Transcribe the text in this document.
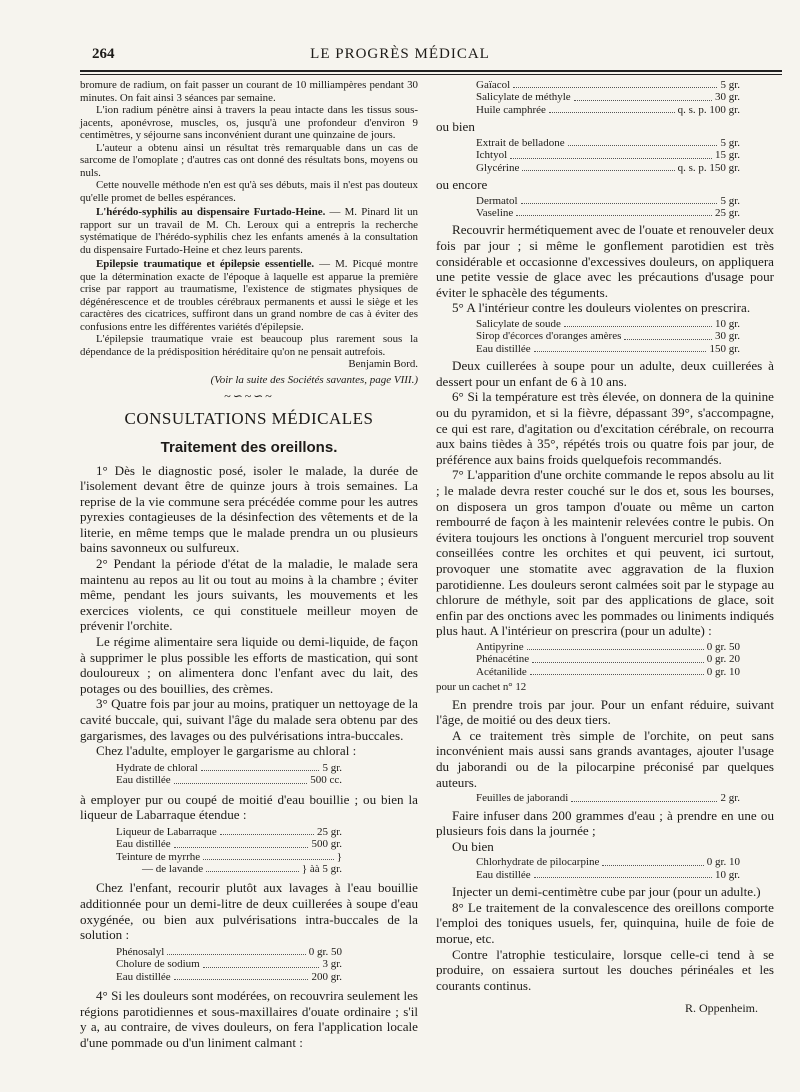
264	LE PROGRÈS MÉDICAL

bromure de radium, on fait passer un courant de 10 milliampères pendant 30 minutes. On fait ainsi 3 séances par semaine.

L'ion radium pénètre ainsi à travers la peau intacte dans les tissus sous-jacents, aponévrose, muscles, os, jusqu'à une profondeur d'environ 9 centimètres, y séjourne sans inconvénient durant une quinzaine de jours.

L'auteur a obtenu ainsi un résultat très remarquable dans un cas de sarcome de l'omoplate ; d'autres cas ont donné des résultats bons, moyens ou nuls.

Cette nouvelle méthode n'en est qu'à ses débuts, mais il n'est pas douteux qu'elle promet de belles espérances.

L'hérédo-syphilis au dispensaire Furtado-Heine. — M. Pinard lit un rapport sur un travail de M. Ch. Leroux qui a entrepris la recherche systématique de l'hérédo-syphilis chez les enfants amenés à la consultation du dispensaire Furtado-Heine et chez leurs parents.

Epilepsie traumatique et épilepsie essentielle. — M. Picqué montre que la détermination exacte de l'époque à laquelle est apparue la première crise par rapport au traumatisme, l'existence de stigmates physiques de dégénérescence et de troubles cérébraux permanents et aussi le siège et les caractères des cicatrices, suffiront dans un grand nombre de cas à éviter des confusions entre les différentes variétés d'épilepsie.

L'épilepsie traumatique vraie est beaucoup plus rarement sous la dépendance de la prédisposition héréditaire qu'on ne pensait autrefois.

Benjamin Bord.

(Voir la suite des Sociétés savantes, page VIII.)
~∽~∽~
CONSULTATIONS MÉDICALES
Traitement des oreillons.

1° Dès le diagnostic posé, isoler le malade, la durée de l'isolement devant être de quinze jours à trois semaines. La reprise de la vie commune sera précédée comme pour les autres pyrexies contagieuses de la désinfection des vêtements et de la literie, en même temps que le malade prendra un ou plusieurs bains savonneux ou sulfureux.

2° Pendant la période d'état de la maladie, le malade sera maintenu au repos au lit ou tout au moins à la chambre ; éviter même, pendant les jours suivants, les mouvements et les exercices violents, ce qui constituele meilleur moyen de prévenir l'orchite.

Le régime alimentaire sera liquide ou demi-liquide, de façon à supprimer le plus possible les efforts de mastication, qui sont douloureux ; on alimentera donc l'enfant avec du lait, des potages ou des bouillies, des crèmes.

3° Quatre fois par jour au moins, pratiquer un nettoyage de la cavité buccale, qui, suivant l'âge du malade sera obtenu par des gargarismes, des lavages ou des pulvérisations intra-buccales.

Chez l'adulte, employer le gargarisme au chloral :

Hydrate de chloral	5 gr.
Eau distillée	500 cc.

à employer pur ou coupé de moitié d'eau bouillie ; ou bien la liqueur de Labarraque étendue :

Liqueur de Labarraque	25 gr.
Eau distillée	500 gr.
Teinture de myrrhe	}
— de lavande	} àà 5 gr.

Chez l'enfant, recourir plutôt aux lavages à l'eau bouillie additionnée pour un demi-litre de deux cuillerées à soupe d'eau oxygénée, ou bien aux pulvérisations intra-buccales de la solution :

Phénosalyl	0 gr. 50
Cholure de sodium	3 gr.
Eau distillée	200 gr.

4° Si les douleurs sont modérées, on recouvrira seulement les régions parotidiennes et sous-maxillaires d'ouate ordinaire ; s'il y a, au contraire, de vives douleurs, on fera l'application locale d'une pommade ou d'un liniment calmant :

Gaïacol	5 gr.
Salicylate de méthyle	30 gr.
Huile camphrée	q. s. p. 100 gr.

ou bien

Extrait de belladone	5 gr.
Ichtyol	15 gr.
Glycérine	q. s. p. 150 gr.

ou encore

Dermatol	5 gr.
Vaseline	25 gr.

Recouvrir hermétiquement avec de l'ouate et renouveler deux fois par jour ; si même le gonflement parotidien est très considérable et occasionne d'excessives douleurs, on appliquera une petite vessie de glace avec les précautions d'usage pour éviter le sphacèle des téguments.

5° A l'intérieur contre les douleurs violentes on prescrira.

Salicylate de soude	10 gr.
Sirop d'écorces d'oranges amères	30 gr.
Eau distillée	150 gr.

Deux cuillerées à soupe pour un adulte, deux cuillerées à dessert pour un enfant de 6 à 10 ans.

6° Si la température est très élevée, on donnera de la quinine ou du pyramidon, et si la fièvre, dépassant 39°, s'accompagne, ce qui est rare, d'agitation ou d'excitation cérébrale, on recourra aux bains tièdes à 35°, répétés trois ou quatre fois par jour, de préférence aux bains froids quelquefois recommandés.

7° L'apparition d'une orchite commande le repos absolu au lit ; le malade devra rester couché sur le dos et, sous les bourses, on disposera un gros tampon d'ouate ou même un carton rembourré de façon à les maintenir relevées contre le pubis. On évitera toujours les onctions à l'onguent mercuriel trop souvent conseillées contre les orchites et qui peuvent, ici surtout, provoquer une stomatite avec aggravation de la fluxion parotidienne. Les douleurs seront calmées soit par le stypage au chlorure de méthyle, soit par des applications de glace, soit enfin par des onctions avec les pommades ou liniments indiqués plus haut. A l'intérieur on prescrira (pour un adulte) :

Antipyrine	0 gr. 50
Phénacétine	0 gr. 20
Acétanilide	0 gr. 10

pour un cachet n° 12

En prendre trois par jour. Pour un enfant réduire, suivant l'âge, de moitié ou des deux tiers.

A ce traitement très simple de l'orchite, on peut sans inconvénient mais aussi sans grands avantages, ajouter l'usage du jaborandi ou de la pilocarpine préconisé par quelques auteurs.

Feuilles de jaborandi	2 gr.

Faire infuser dans 200 grammes d'eau ; à prendre en une ou plusieurs fois dans la journée ;

Ou bien

Chlorhydrate de pilocarpine	0 gr. 10
Eau distillée	10 gr.

Injecter un demi-centimètre cube par jour (pour un adulte.)

8° Le traitement de la convalescence des oreillons comporte l'emploi des toniques usuels, fer, quinquina, huile de foie de morue, etc.

Contre l'atrophie testiculaire, lorsque celle-ci tend à se produire, on essaiera surtout les douches périnéales et les courants continus.

R. Oppenheim.
